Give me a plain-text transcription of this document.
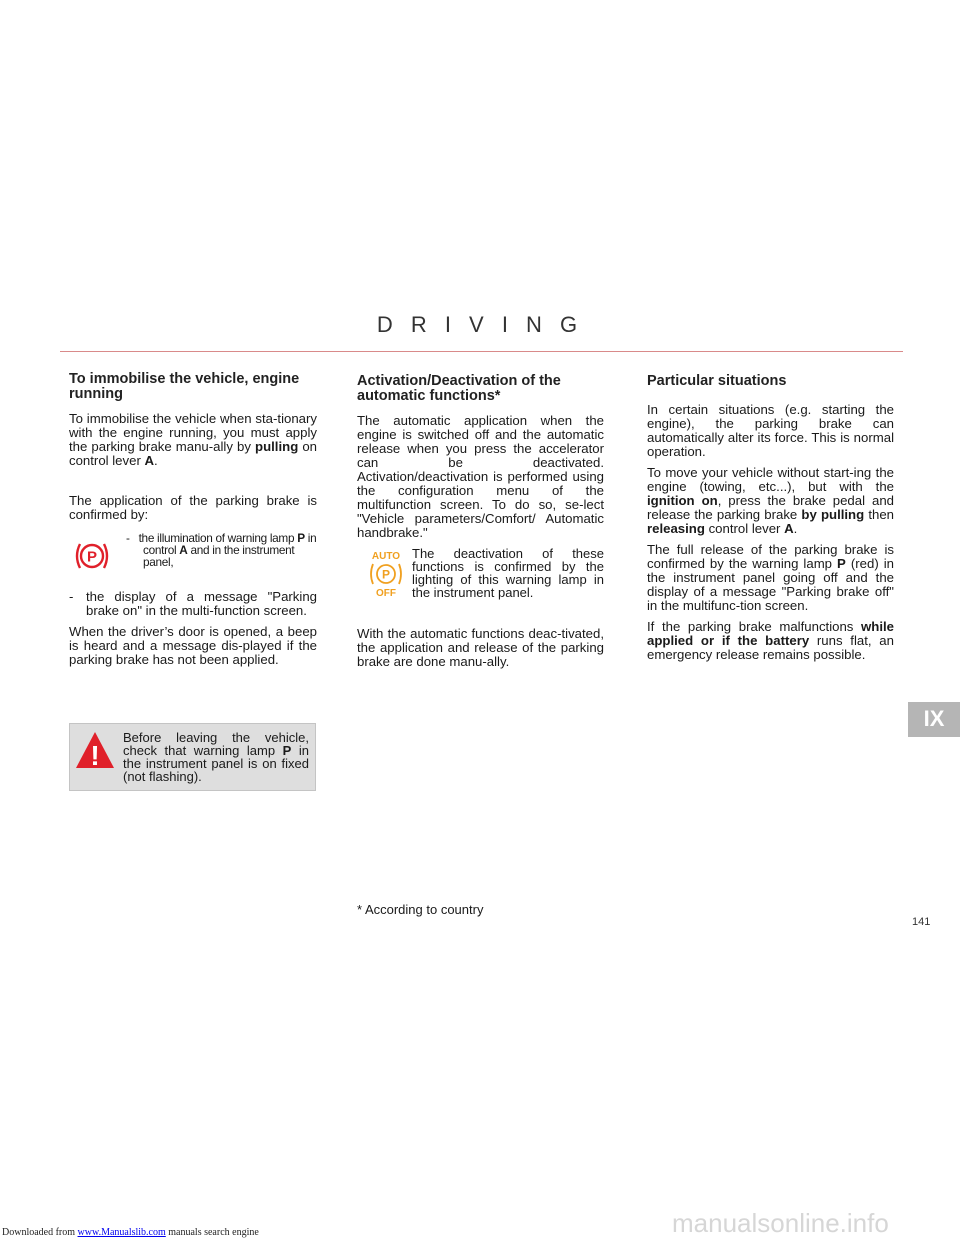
D R I V I N G
To immobilise the vehicle, engine running

To immobilise the vehicle when sta-tionary with the engine running, you must apply the parking brake manu-ally by pulling on control lever A.

The application of the parking brake is confirmed by:

P
- the illumination of warning lamp P in control A and in the instrument panel,

- the display of a message "Parking brake on" in the multi-function screen.

When the driver’s door is opened, a beep is heard and a message dis-played if the parking brake has not been applied.

!
Before leaving the vehicle, check that warning lamp P in the instrument panel is on fixed (not flashing).
Activation/Deactivation of the automatic functions*

The automatic application when the engine is switched off and the automatic release when you press the accelerator can be deactivated. Activation/deactivation is performed using the configuration menu of the multifunction screen. To do so, se-lect "Vehicle parameters/Comfort/ Automatic handbrake."

AUTO
P
OFF
The deactivation of these functions is confirmed by the lighting of this warning lamp in the instrument panel.

With the automatic functions deac-tivated, the application and release of the parking brake are done manu-ally.

Particular situations

In certain situations (e.g. starting the engine), the parking brake can automatically alter its force. This is normal operation.

To move your vehicle without start-ing the engine (towing, etc...), but with the ignition on, press the brake pedal and release the parking brake by pulling then releasing control lever A.

The full release of the parking brake is confirmed by the warning lamp P (red) in the instrument panel going off and the display of a message "Parking brake off" in the multifunc-tion screen.

If the parking brake malfunctions while applied or if the battery runs flat, an emergency release remains possible.

* According to country
IX
141
Downloaded from www.Manualslib.com manuals search engine	manualsonline.info
